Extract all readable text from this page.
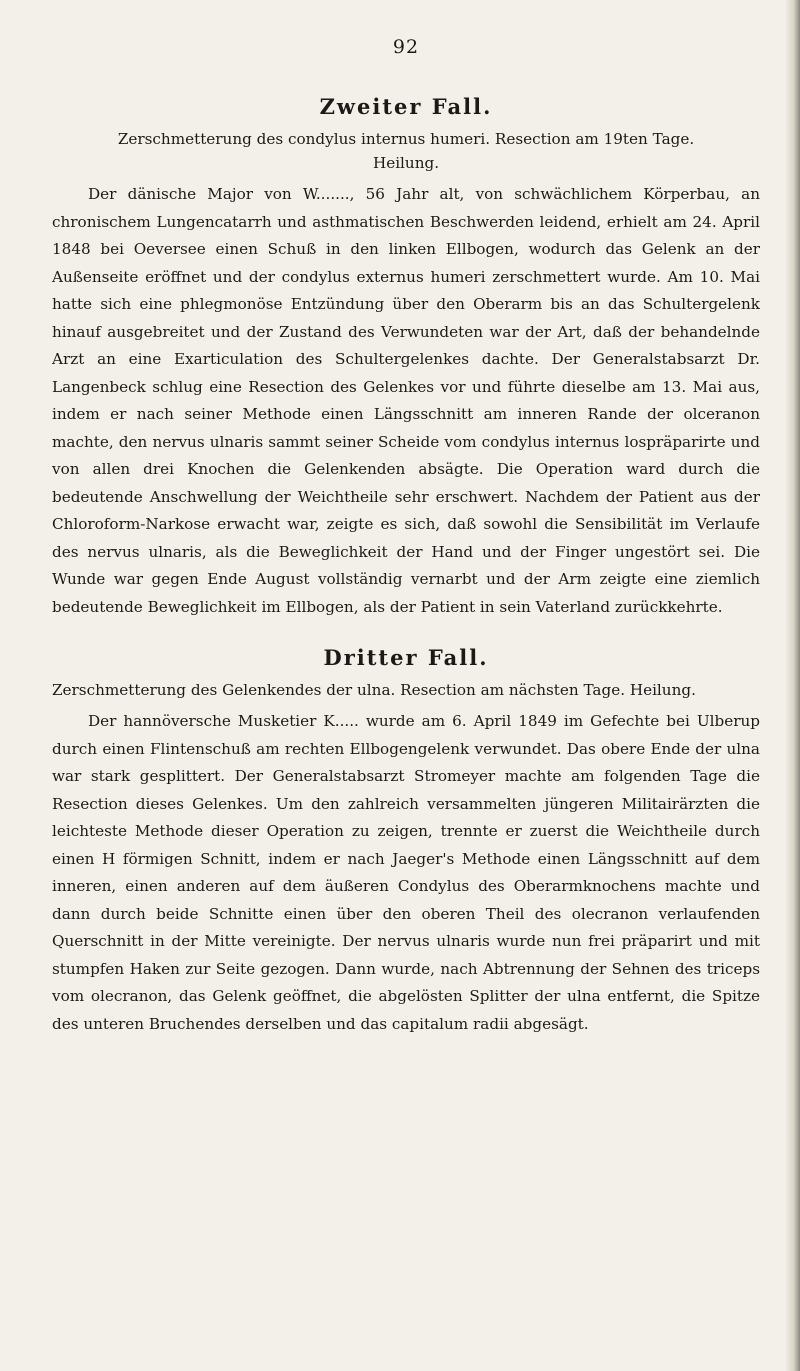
92
Zweiter Fall.

Zerschmetterung des condylus internus humeri. Resection am 19ten Tage.

Heilung.

Der dänische Major von W......., 56 Jahr alt, von schwächlichem Körperbau, an chronischem Lungencatarrh und asthmatischen Beschwerden leidend, erhielt am 24. April 1848 bei Oeversee einen Schuß in den linken Ellbogen, wodurch das Gelenk an der Außenseite eröffnet und der condylus externus humeri zerschmettert wurde. Am 10. Mai hatte sich eine phlegmonöse Entzündung über den Oberarm bis an das Schultergelenk hinauf ausgebreitet und der Zustand des Verwundeten war der Art, daß der behandelnde Arzt an eine Exarticulation des Schultergelenkes dachte. Der Generalstabsarzt Dr. Langenbeck schlug eine Resection des Gelenkes vor und führte dieselbe am 13. Mai aus, indem er nach seiner Methode einen Längsschnitt am inneren Rande der olceranon machte, den nervus ulnaris sammt seiner Scheide vom condylus internus lospräparirte und von allen drei Knochen die Gelenkenden absägte. Die Operation ward durch die bedeutende Anschwellung der Weichtheile sehr erschwert. Nachdem der Patient aus der Chloroform-Narkose erwacht war, zeigte es sich, daß sowohl die Sensibilität im Verlaufe des nervus ulnaris, als die Beweglichkeit der Hand und der Finger ungestört sei. Die Wunde war gegen Ende August vollständig vernarbt und der Arm zeigte eine ziemlich bedeutende Beweglichkeit im Ellbogen, als der Patient in sein Vaterland zurückkehrte.

Dritter Fall.

Zerschmetterung des Gelenkendes der ulna. Resection am nächsten Tage. Heilung.

Der hannöversche Musketier K..... wurde am 6. April 1849 im Gefechte bei Ulberup durch einen Flintenschuß am rechten Ellbogengelenk verwundet. Das obere Ende der ulna war stark gesplittert. Der Generalstabsarzt Stromeyer machte am folgenden Tage die Resection dieses Gelenkes. Um den zahlreich versammelten jüngeren Militairärzten die leichteste Methode dieser Operation zu zeigen, trennte er zuerst die Weichtheile durch einen H förmigen Schnitt, indem er nach Jaeger's Methode einen Längsschnitt auf dem inneren, einen anderen auf dem äußeren Condylus des Oberarmknochens machte und dann durch beide Schnitte einen über den oberen Theil des olecranon verlaufenden Querschnitt in der Mitte vereinigte. Der nervus ulnaris wurde nun frei präparirt und mit stumpfen Haken zur Seite gezogen. Dann wurde, nach Abtrennung der Sehnen des triceps vom olecranon, das Gelenk geöffnet, die abgelösten Splitter der ulna entfernt, die Spitze des unteren Bruchendes derselben und das capitalum radii abgesägt.
